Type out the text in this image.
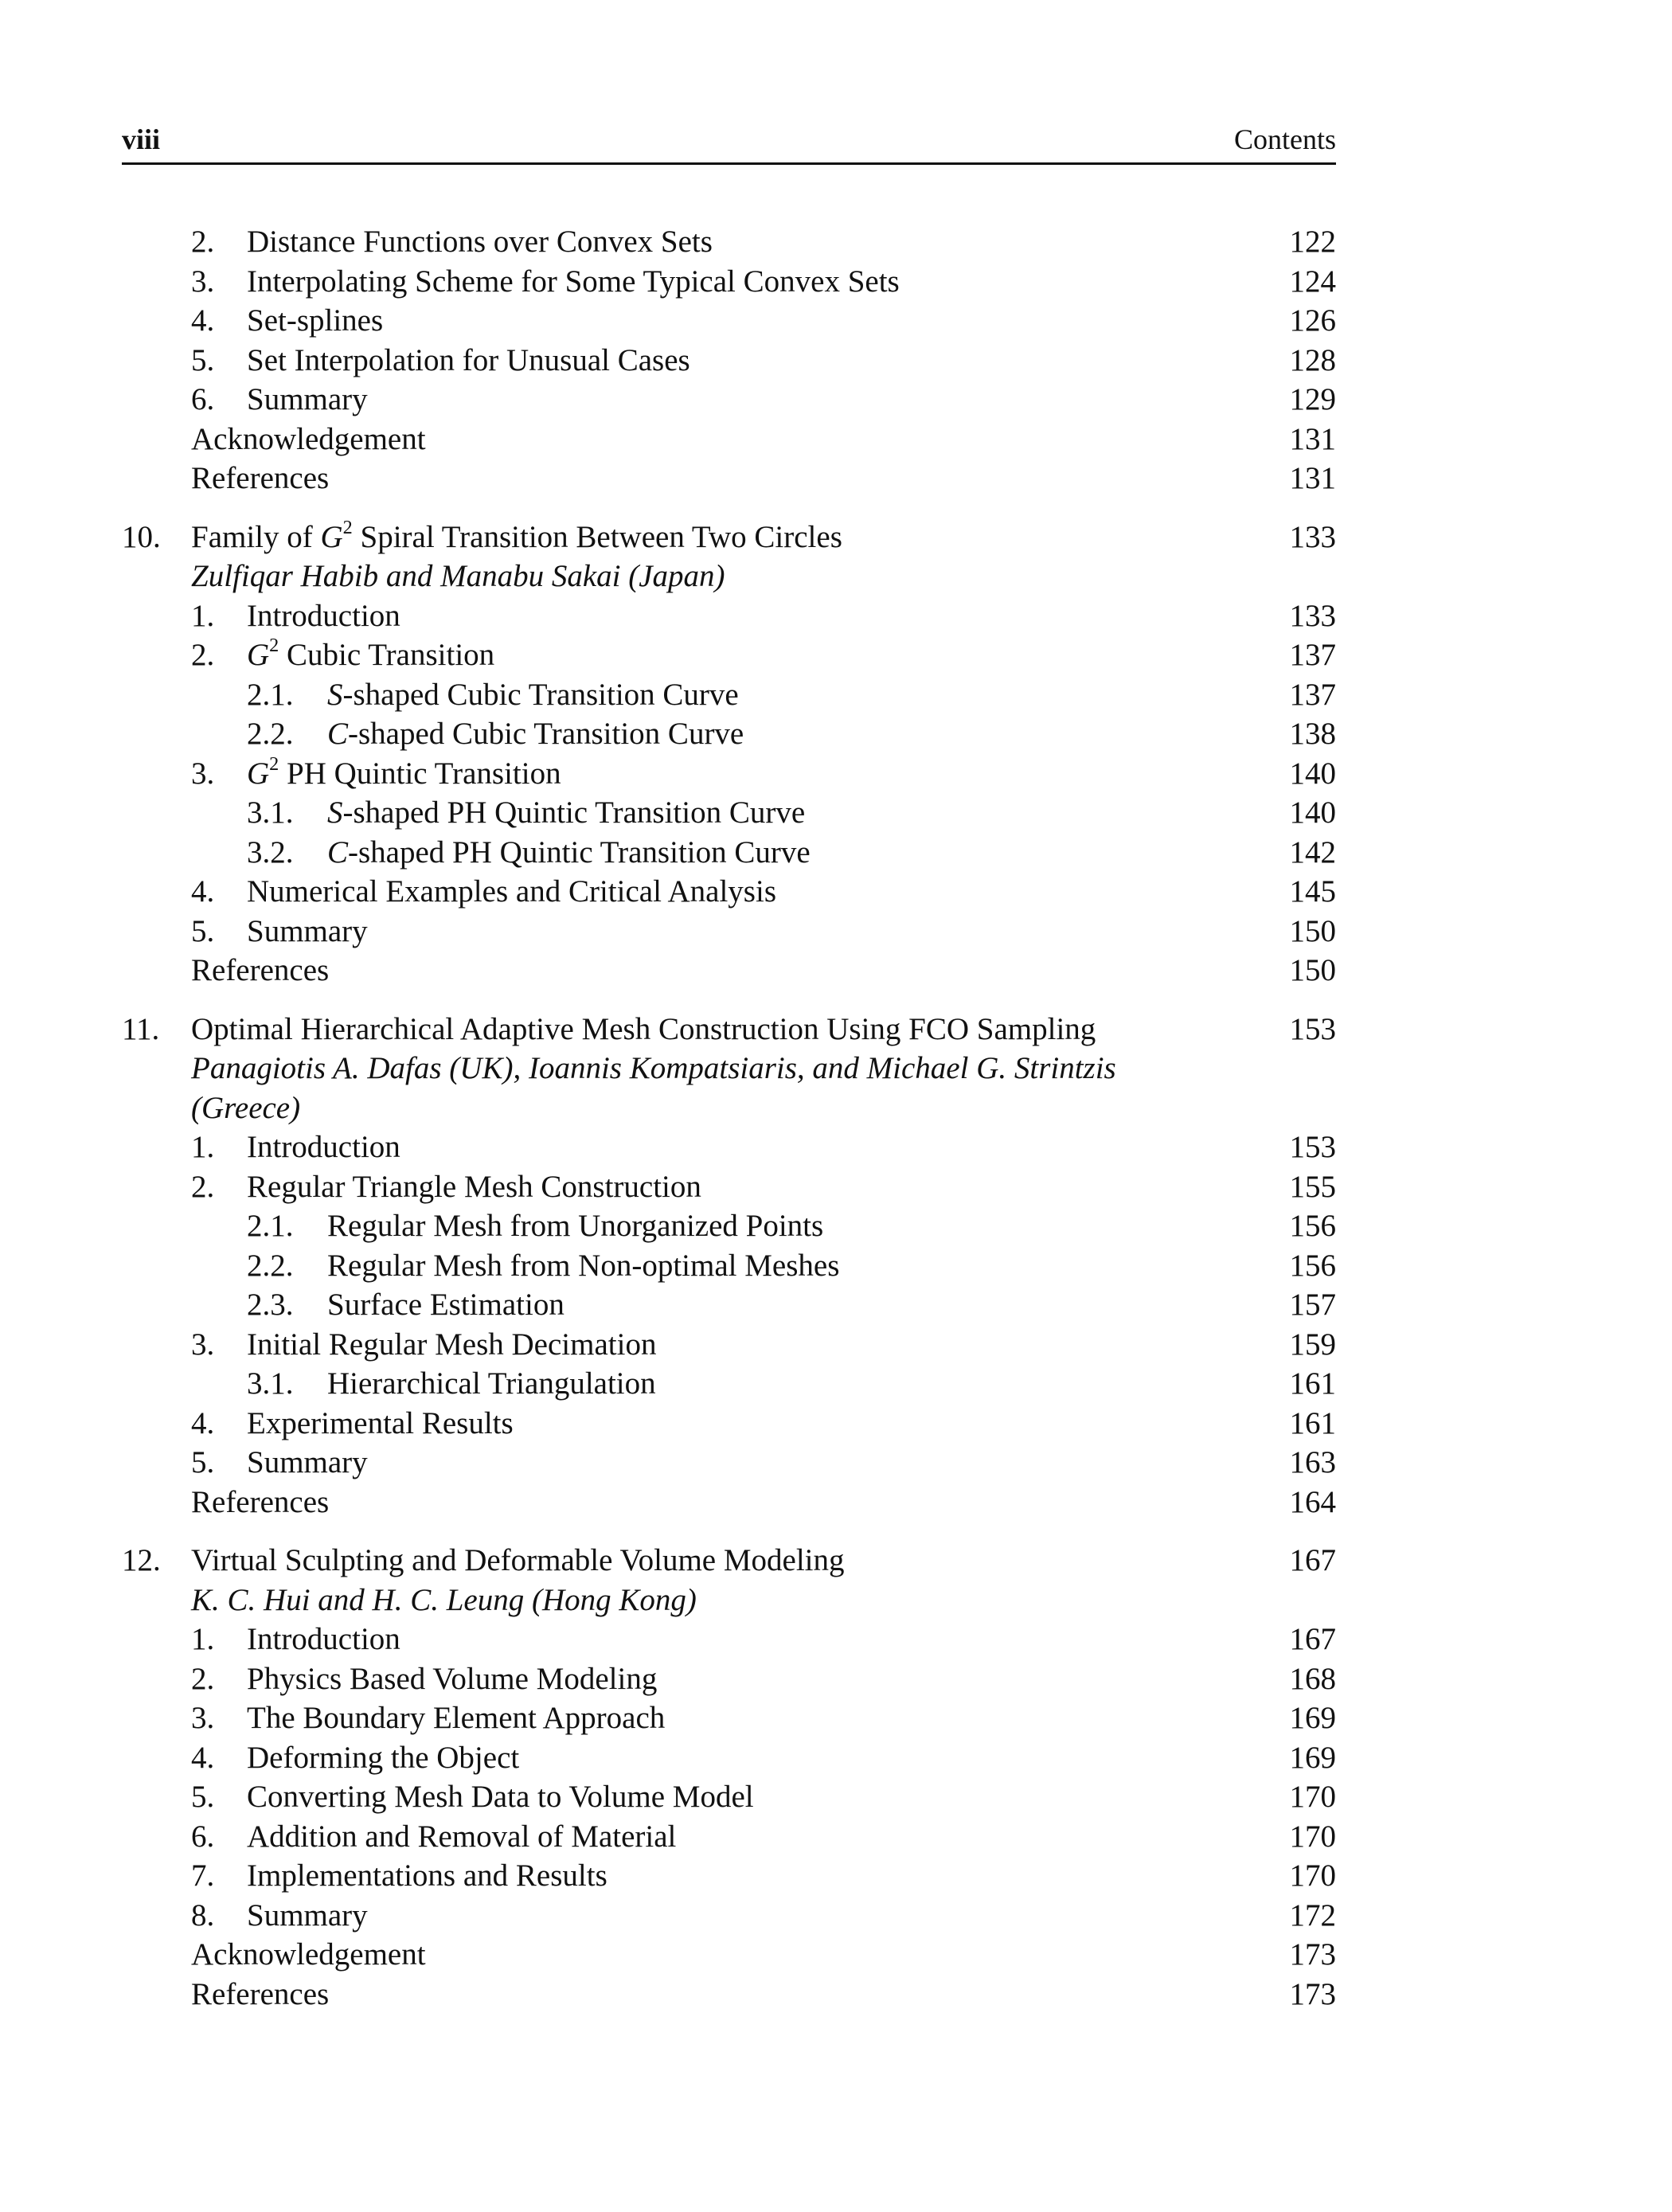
viii	Contents
2. Distance Functions over Convex Sets	122
3. Interpolating Scheme for Some Typical Convex Sets	124
4. Set-splines	126
5. Set Interpolation for Unusual Cases	128
6. Summary	129
Acknowledgement	131
References	131
10. Family of $G^2$ Spiral Transition Between Two Circles	133
Zulfiqar Habib and Manabu Sakai (Japan)
1. Introduction	133
2. $G^2$ Cubic Transition	137
2.1. S-shaped Cubic Transition Curve	137
2.2. C-shaped Cubic Transition Curve	138
3. $G^2$ PH Quintic Transition	140
3.1. S-shaped PH Quintic Transition Curve	140
3.2. C-shaped PH Quintic Transition Curve	142
4. Numerical Examples and Critical Analysis	145
5. Summary	150
References	150
11. Optimal Hierarchical Adaptive Mesh Construction Using FCO Sampling	153
Panagiotis A. Dafas (UK), Ioannis Kompatsiaris, and Michael G. Strintzis
(Greece)
1. Introduction	153
2. Regular Triangle Mesh Construction	155
2.1. Regular Mesh from Unorganized Points	156
2.2. Regular Mesh from Non-optimal Meshes	156
2.3. Surface Estimation	157
3. Initial Regular Mesh Decimation	159
3.1. Hierarchical Triangulation	161
4. Experimental Results	161
5. Summary	163
References	164
12. Virtual Sculpting and Deformable Volume Modeling	167
K. C. Hui and H. C. Leung (Hong Kong)
1. Introduction	167
2. Physics Based Volume Modeling	168
3. The Boundary Element Approach	169
4. Deforming the Object	169
5. Converting Mesh Data to Volume Model	170
6. Addition and Removal of Material	170
7. Implementations and Results	170
8. Summary	172
Acknowledgement	173
References	173
